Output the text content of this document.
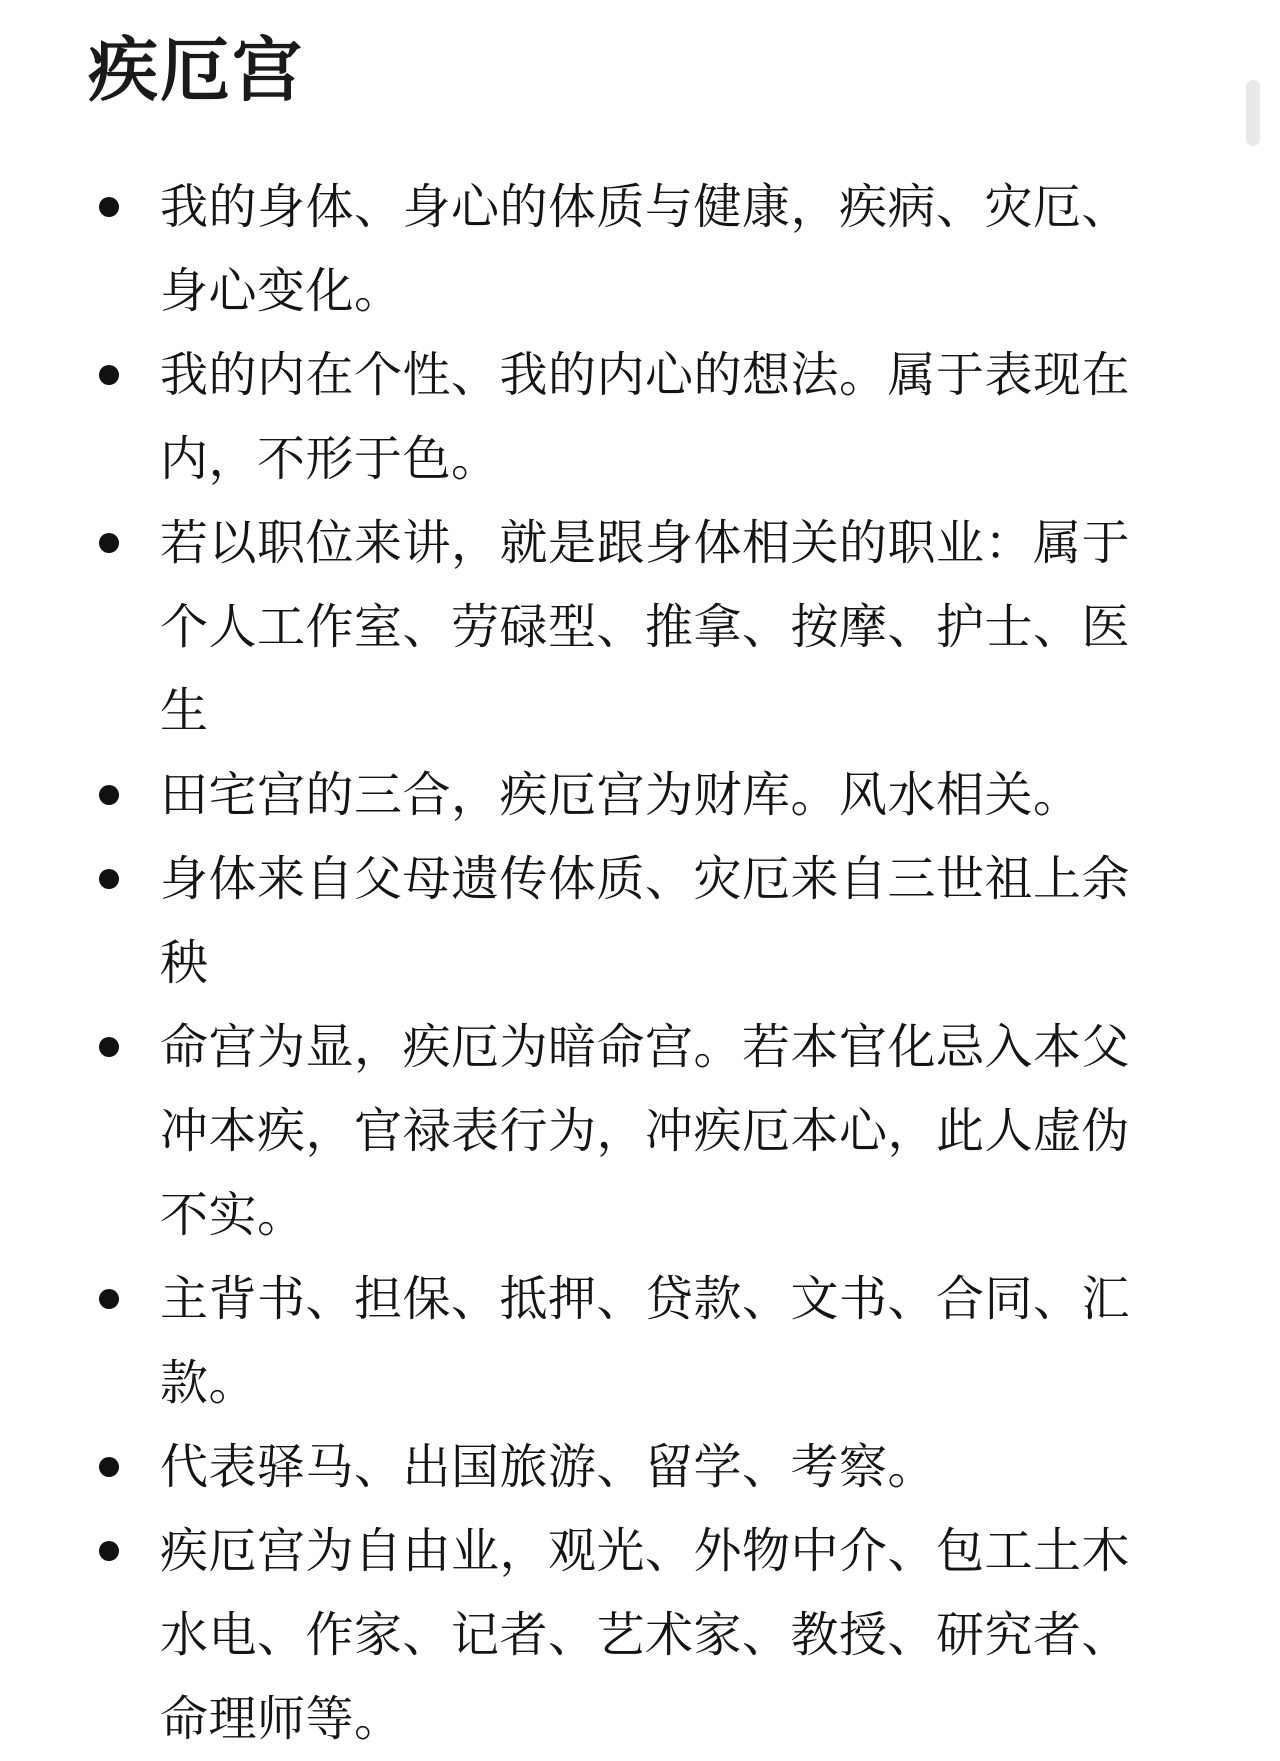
疾厄宫
我的身体、身心的体质与健康，疾病、灾厄、身心变化。
我的内在个性、我的内心的想法。属于表现在内，不形于色。
若以职位来讲，就是跟身体相关的职业：属于个人工作室、劳碌型、推拿、按摩、护士、医生
田宅宫的三合，疾厄宫为财库。风水相关。
身体来自父母遗传体质、灾厄来自三世祖上余秧
命宫为显，疾厄为暗命宫。若本官化忌入本父冲本疾，官禄表行为，冲疾厄本心，此人虚伪不实。
主背书、担保、抵押、贷款、文书、合同、汇款。
代表驿马、出国旅游、留学、考察。
疾厄宫为自由业，观光、外物中介、包工土木水电、作家、记者、艺术家、教授、研究者、命理师等。
